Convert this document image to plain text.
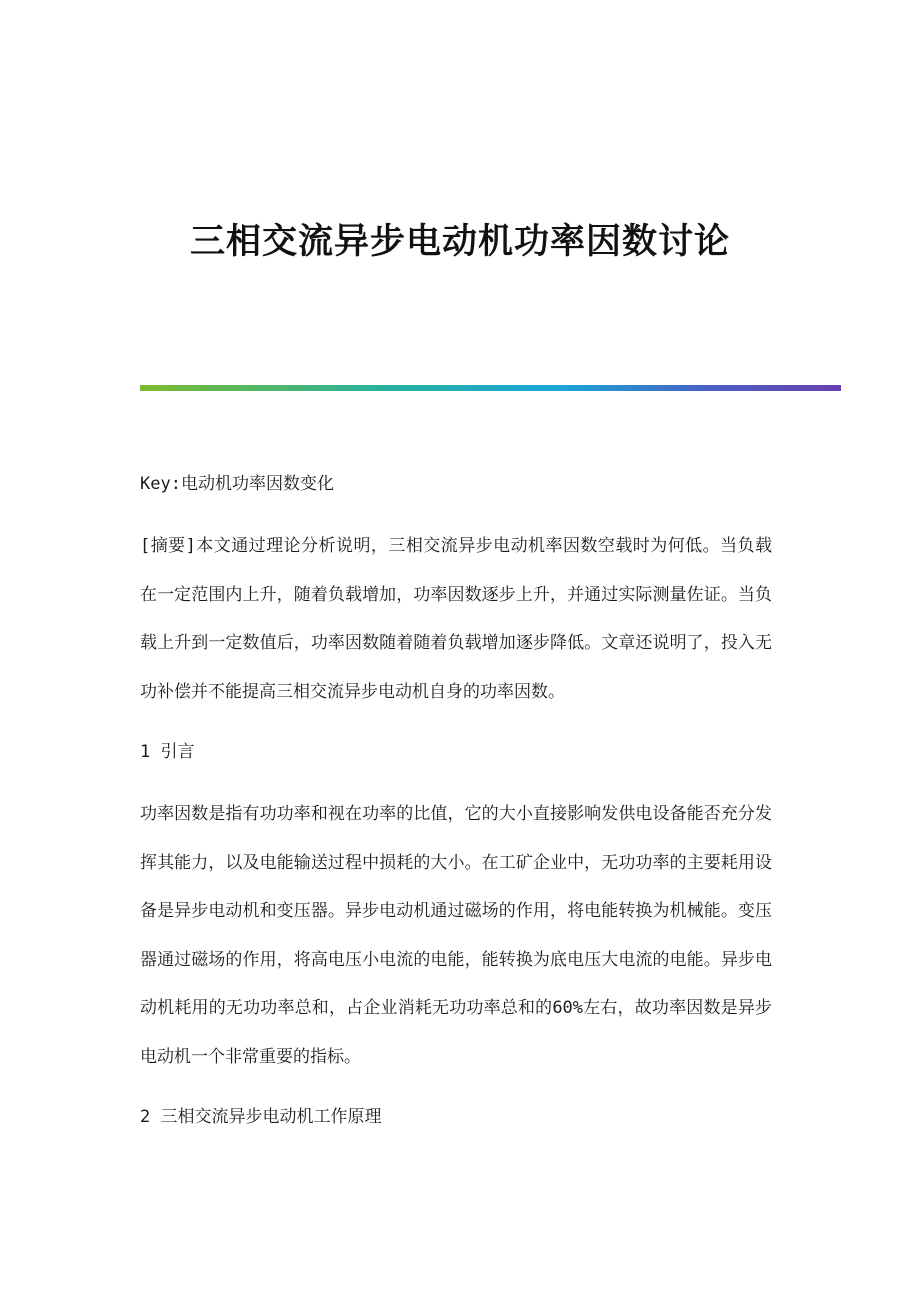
三相交流异步电动机功率因数讨论

Key:电动机功率因数变化

[摘要]本文通过理论分析说明，三相交流异步电动机率因数空载时为何低。当负载在一定范围内上升，随着负载增加，功率因数逐步上升，并通过实际测量佐证。当负载上升到一定数值后，功率因数随着随着负载增加逐步降低。文章还说明了，投入无功补偿并不能提高三相交流异步电动机自身的功率因数。

1 引言

功率因数是指有功功率和视在功率的比值，它的大小直接影响发供电设备能否充分发挥其能力，以及电能输送过程中损耗的大小。在工矿企业中，无功功率的主要耗用设备是异步电动机和变压器。异步电动机通过磁场的作用，将电能转换为机械能。变压器通过磁场的作用，将高电压小电流的电能，能转换为底电压大电流的电能。异步电动机耗用的无功功率总和，占企业消耗无功功率总和的60%左右，故功率因数是异步电动机一个非常重要的指标。

2 三相交流异步电动机工作原理
